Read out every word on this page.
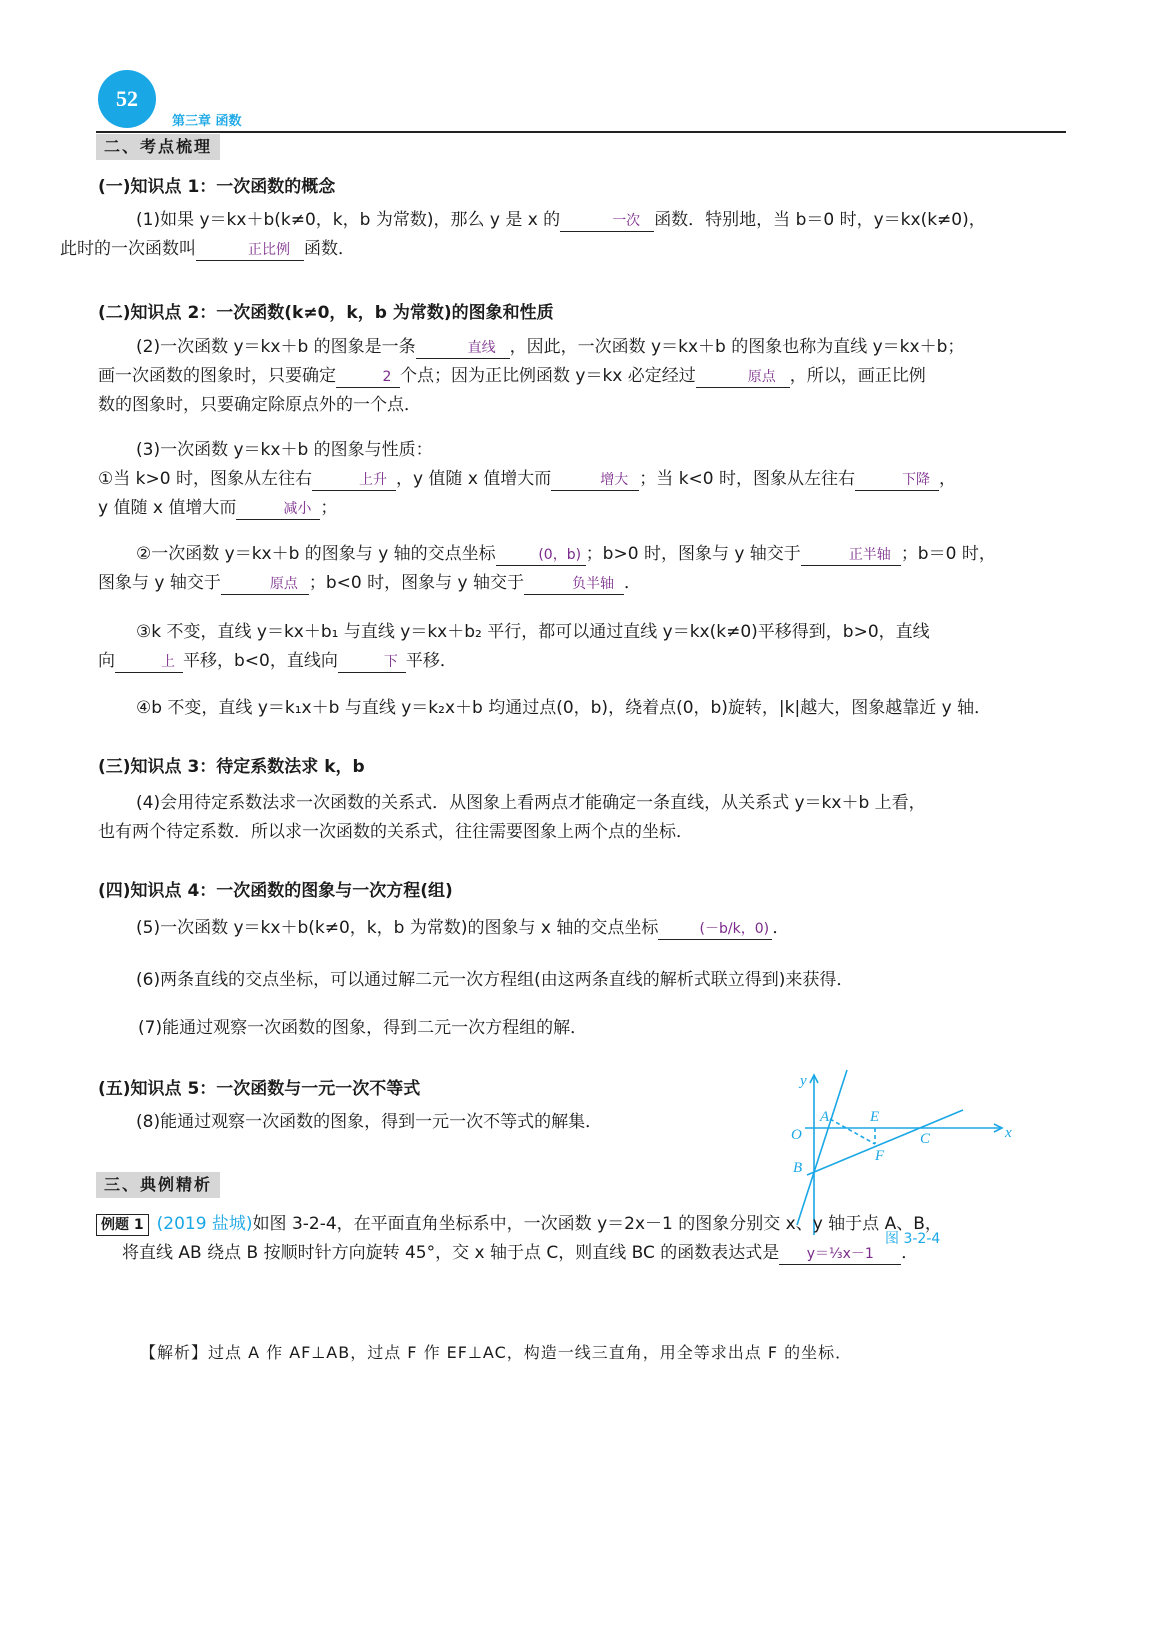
52
第三章 函数
二、考点梳理
(一)知识点 1：一次函数的概念
(1)如果 y＝kx＋b(k≠0，k，b 为常数)，那么 y 是 x 的	一次 函数．特别地，当 b＝0 时，y＝kx(k≠0)，
此时的一次函数叫	正比例 函数．
(二)知识点 2：一次函数(k≠0，k，b 为常数)的图象和性质
(2)一次函数 y＝kx＋b 的图象是一条	直线 ，因此，一次函数 y＝kx＋b 的图象也称为直线 y＝kx＋b；
画一次函数的图象时，只要确定	2 个点；因为正比例函数 y＝kx 必定经过	原点 ，所以，画正比例
数的图象时，只要确定除原点外的一个点．
(3)一次函数 y＝kx＋b 的图象与性质：
①当 k>0 时，图象从左往右	上升 ，y 值随 x 值增大而	增大 ；当 k<0 时，图象从左往右	下降 ，
y 值随 x 值增大而	减小 ；
②一次函数 y＝kx＋b 的图象与 y 轴的交点坐标	(0，b) ；b>0 时，图象与 y 轴交于	正半轴 ；b＝0 时，
图象与 y 轴交于	原点 ；b<0 时，图象与 y 轴交于	负半轴 ．
③k 不变，直线 y＝kx＋b₁ 与直线 y＝kx＋b₂ 平行，都可以通过直线 y＝kx(k≠0)平移得到，b>0，直线
向	上 平移，b<0，直线向	下 平移．
④b 不变，直线 y＝k₁x＋b 与直线 y＝k₂x＋b 均通过点(0，b)，绕着点(0，b)旋转，|k|越大，图象越靠近 y 轴．
(三)知识点 3：待定系数法求 k，b
(4)会用待定系数法求一次函数的关系式．从图象上看两点才能确定一条直线，从关系式 y＝kx＋b 上看，
也有两个待定系数．所以求一次函数的关系式，往往需要图象上两个点的坐标．
(四)知识点 4：一次函数的图象与一次方程(组)
(5)一次函数 y＝kx＋b(k≠0，k，b 为常数)的图象与 x 轴的交点坐标	(－b/k，0) ．
(6)两条直线的交点坐标，可以通过解二元一次方程组(由这两条直线的解析式联立得到)来获得．
(7)能通过观察一次函数的图象，得到二元一次方程组的解．
(五)知识点 5：一次函数与一元一次不等式
(8)能通过观察一次函数的图象，得到一元一次不等式的解集．
y
x
O
A
B
C
E
F
图 3-2-4
三、典例精析
例题 1 (2019 盐城)如图 3-2-4，在平面直角坐标系中，一次函数 y＝2x－1 的图象分别交 x、y 轴于点 A、B，
将直线 AB 绕点 B 按顺时针方向旋转 45°，交 x 轴于点 C，则直线 BC 的函数表达式是 y＝⅓x－1 ．
【解析】过点 A 作 AF⊥AB，过点 F 作 EF⊥AC，构造一线三直角，用全等求出点 F 的坐标．
